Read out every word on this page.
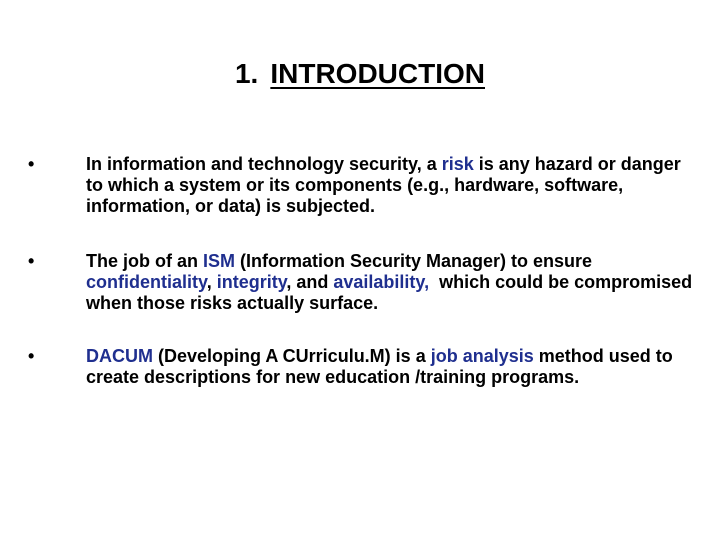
1. INTRODUCTION
•	In information and technology security, a risk is any hazard or danger to which a system or its components (e.g., hardware, software, information, or data) is subjected.
•	The job of an ISM (Information Security Manager) to ensure confidentiality, integrity, and availability,  which could be compromised when those risks actually surface.
•	DACUM (Developing A CUrriculu.M) is a job analysis method used to create descriptions for new education /training programs.
